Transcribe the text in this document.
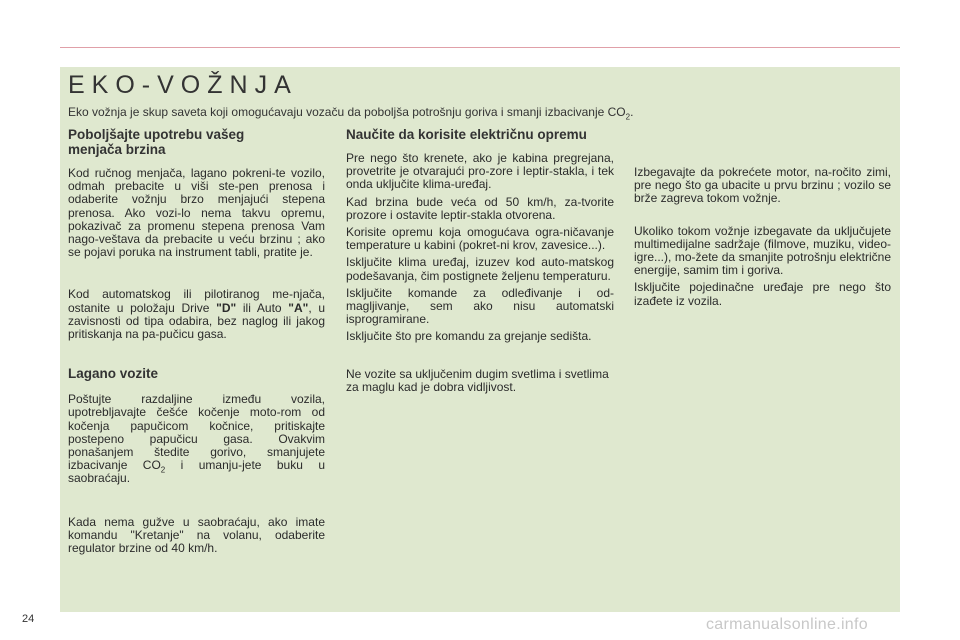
EKO-VOŽNJA

Eko vožnja je skup saveta koji omogućavaju vozaču da poboljša potrošnju goriva i smanji izbacivanje $CO_2$.

Poboljšajte upotrebu vašeg menjača brzina

Kod ručnog menjača, lagano pokreni-te vozilo, odmah prebacite u viši ste-pen prenosa i odaberite vožnju brzo menjajući stepena prenosa. Ako vozi-lo nema takvu opremu, pokazivač za promenu stepena prenosa Vam nago-veštava da prebacite u veću brzinu ; ako se pojavi poruka na instrument tabli, pratite je.

Kod automatskog ili pilotiranog me-njača, ostanite u položaju Drive "D" ili Auto "A", u zavisnosti od tipa odabira, bez naglog ili jakog pritiskanja na pa-pučicu gasa.

Lagano vozite

Poštujte razdaljine između vozila, upotrebljavajte češće kočenje moto-rom od kočenja papučicom kočnice, pritiskajte postepeno papučicu gasa. Ovakvim ponašanjem štedite gorivo, smanjujete izbacivanje $CO_2$ i umanju-jete buku u saobraćaju.

Kada nema gužve u saobraćaju, ako imate komandu "Kretanje" na volanu, odaberite regulator brzine od 40 km/h.

Naučite da korisite električnu opremu

Pre nego što krenete, ako je kabina pregrejana, provetrite je otvarajući pro-zore i leptir-stakla, i tek onda uključite klima-uređaj.

Kad brzina bude veća od 50 km/h, za-tvorite prozore i ostavite leptir-stakla otvorena.

Korisite opremu koja omogućava ogra-ničavanje temperature u kabini (pokret-ni krov, zavesice...).

Isključite klima uređaj, izuzev kod auto-matskog podešavanja, čim postignete željenu temperaturu.

Isključite komande za odleđivanje i od-magljivanje, sem ako nisu automatski isprogramirane.

Isključite što pre komandu za grejanje sedišta.

Ne vozite sa uključenim dugim svetlima i svetlima za maglu kad je dobra vidljivost.

Izbegavajte da pokrećete motor, na-ročito zimi, pre nego što ga ubacite u prvu brzinu ; vozilo se brže zagreva tokom vožnje.

Ukoliko tokom vožnje izbegavate da uključujete multimedijalne sadržaje (filmove, muziku, video-igre...), mo-žete da smanjite potrošnju električne energije, samim tim i goriva.

Isključite pojedinačne uređaje pre nego što izađete iz vozila.

24	carmanualsonline.info
